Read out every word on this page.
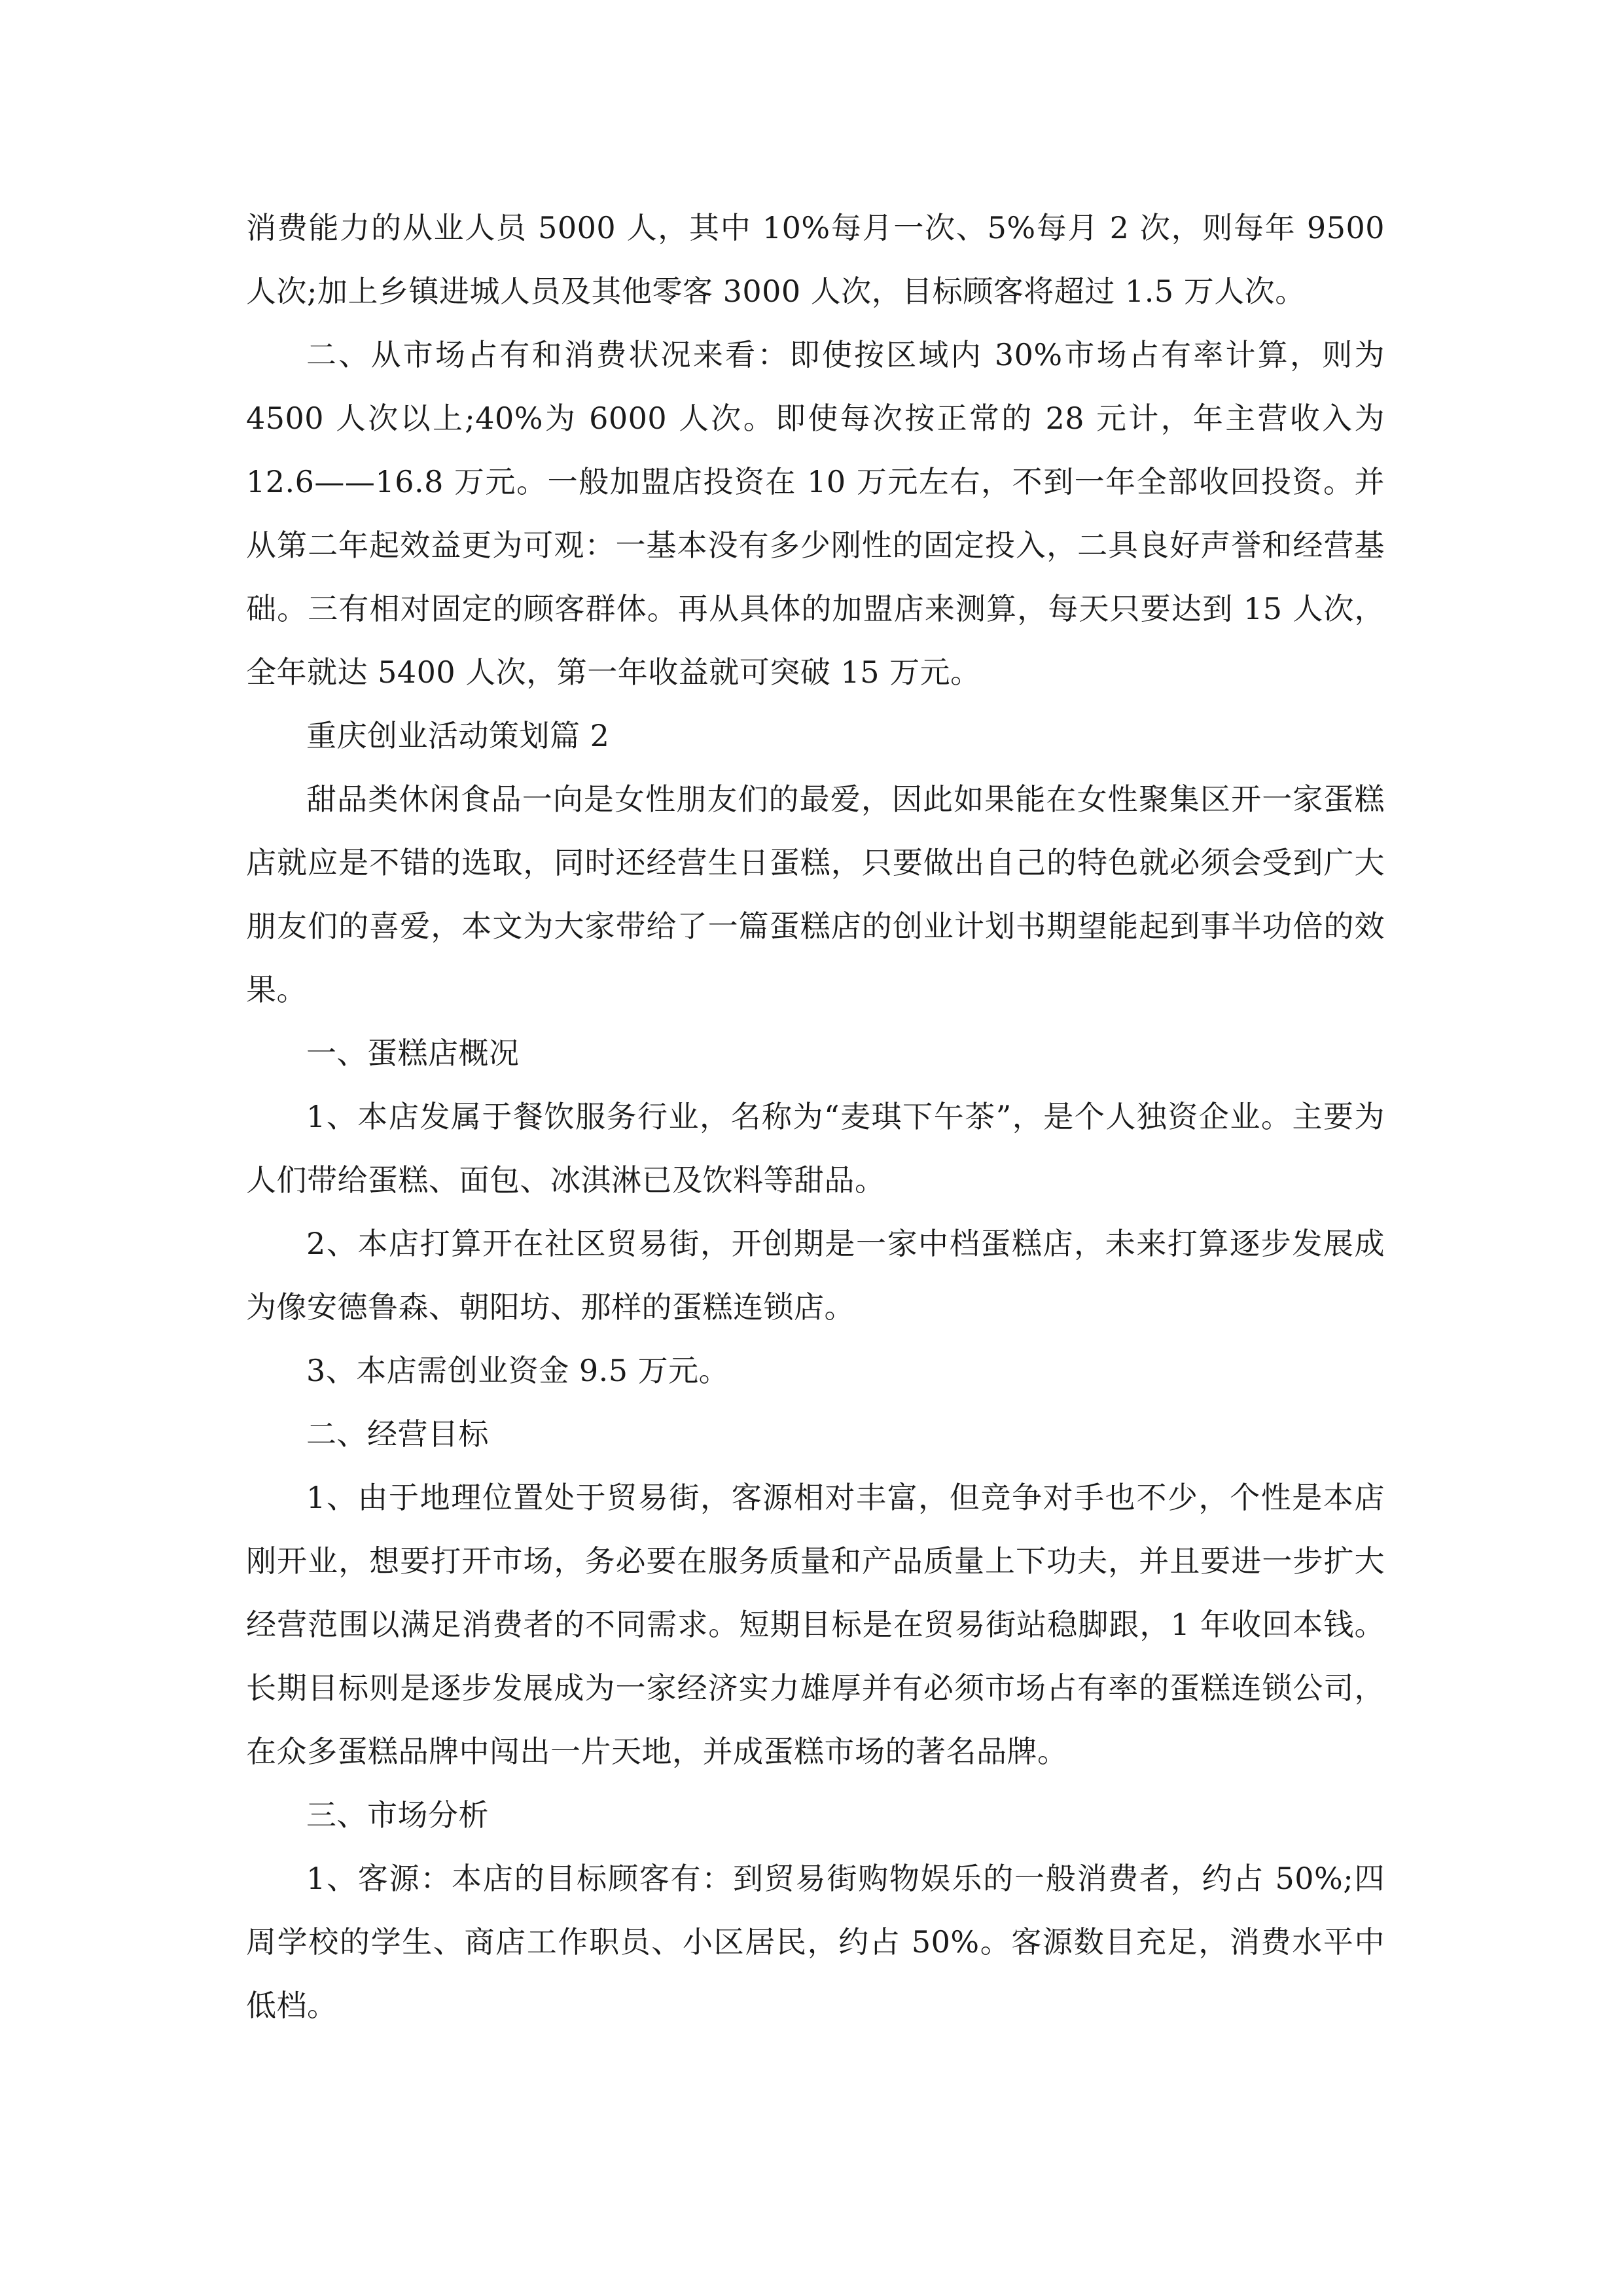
消费能力的从业人员 5000 人，其中 10%每月一次、5%每月 2 次，则每年 9500 人次;加上乡镇进城人员及其他零客 3000 人次，目标顾客将超过 1.5 万人次。

二、从市场占有和消费状况来看：即使按区域内 30%市场占有率计算，则为 4500 人次以上;40%为 6000 人次。即使每次按正常的 28 元计，年主营收入为 12.6——16.8 万元。一般加盟店投资在 10 万元左右，不到一年全部收回投资。并从第二年起效益更为可观：一基本没有多少刚性的固定投入，二具良好声誉和经营基础。三有相对固定的顾客群体。再从具体的加盟店来测算，每天只要达到 15 人次，全年就达 5400 人次，第一年收益就可突破 15 万元。

重庆创业活动策划篇 2

甜品类休闲食品一向是女性朋友们的最爱，因此如果能在女性聚集区开一家蛋糕店就应是不错的选取，同时还经营生日蛋糕，只要做出自己的特色就必须会受到广大朋友们的喜爱，本文为大家带给了一篇蛋糕店的创业计划书期望能起到事半功倍的效果。

一、蛋糕店概况

1、本店发属于餐饮服务行业，名称为“麦琪下午茶”，是个人独资企业。主要为人们带给蛋糕、面包、冰淇淋已及饮料等甜品。

2、本店打算开在社区贸易街，开创期是一家中档蛋糕店，未来打算逐步发展成为像安德鲁森、朝阳坊、那样的蛋糕连锁店。

3、本店需创业资金 9.5 万元。

二、经营目标

1、由于地理位置处于贸易街，客源相对丰富，但竞争对手也不少，个性是本店刚开业，想要打开市场，务必要在服务质量和产品质量上下功夫，并且要进一步扩大经营范围以满足消费者的不同需求。短期目标是在贸易街站稳脚跟，1 年收回本钱。长期目标则是逐步发展成为一家经济实力雄厚并有必须市场占有率的蛋糕连锁公司，在众多蛋糕品牌中闯出一片天地，并成蛋糕市场的著名品牌。

三、市场分析

1、客源：本店的目标顾客有：到贸易街购物娱乐的一般消费者，约占 50%;四周学校的学生、商店工作职员、小区居民，约占 50%。客源数目充足，消费水平中低档。
